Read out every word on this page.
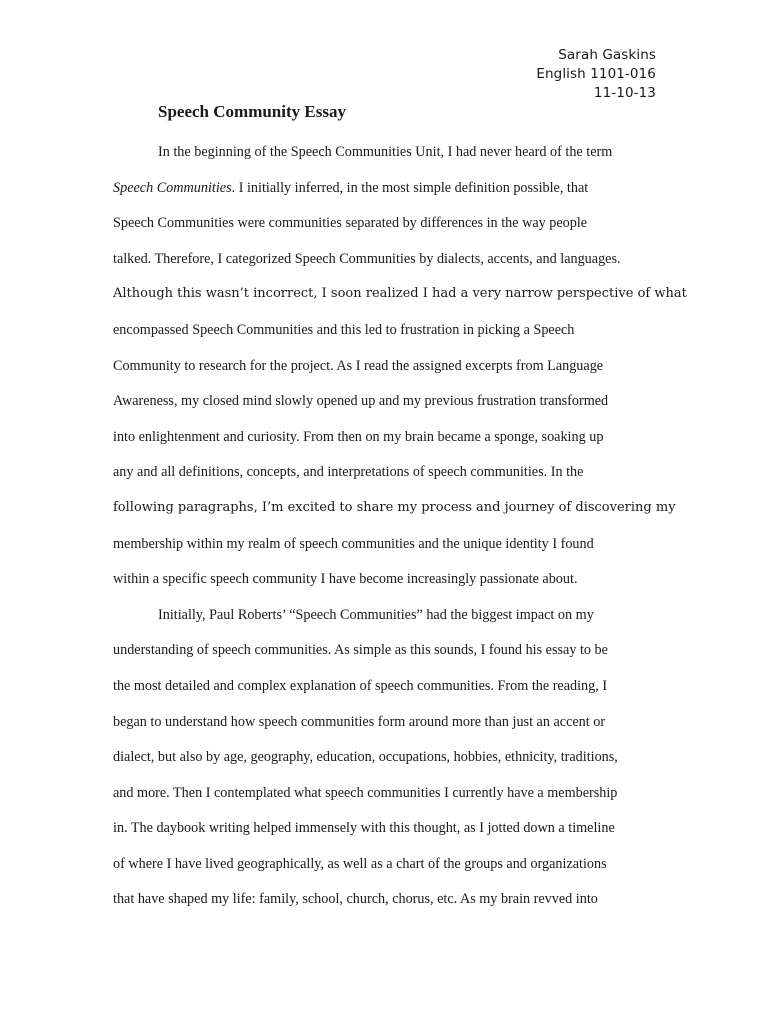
Sarah Gaskins
English 1101-016
11-10-13
Speech Community Essay
In the beginning of the Speech Communities Unit, I had never heard of the term
Speech Communities. I initially inferred, in the most simple definition possible, that
Speech Communities were communities separated by differences in the way people
talked. Therefore, I categorized Speech Communities by dialects, accents, and languages.
Although this wasn’t incorrect, I soon realized I had a very narrow perspective of what
encompassed Speech Communities and this led to frustration in picking a Speech
Community to research for the project. As I read the assigned excerpts from Language
Awareness, my closed mind slowly opened up and my previous frustration transformed
into enlightenment and curiosity. From then on my brain became a sponge, soaking up
any and all definitions, concepts, and interpretations of speech communities. In the
following paragraphs, I’m excited to share my process and journey of discovering my
membership within my realm of speech communities and the unique identity I found
within a specific speech community I have become increasingly passionate about.
Initially, Paul Roberts’ “Speech Communities” had the biggest impact on my
understanding of speech communities. As simple as this sounds, I found his essay to be
the most detailed and complex explanation of speech communities. From the reading, I
began to understand how speech communities form around more than just an accent or
dialect, but also by age, geography, education, occupations, hobbies, ethnicity, traditions,
and more. Then I contemplated what speech communities I currently have a membership
in. The daybook writing helped immensely with this thought, as I jotted down a timeline
of where I have lived geographically, as well as a chart of the groups and organizations
that have shaped my life: family, school, church, chorus, etc. As my brain revved into
